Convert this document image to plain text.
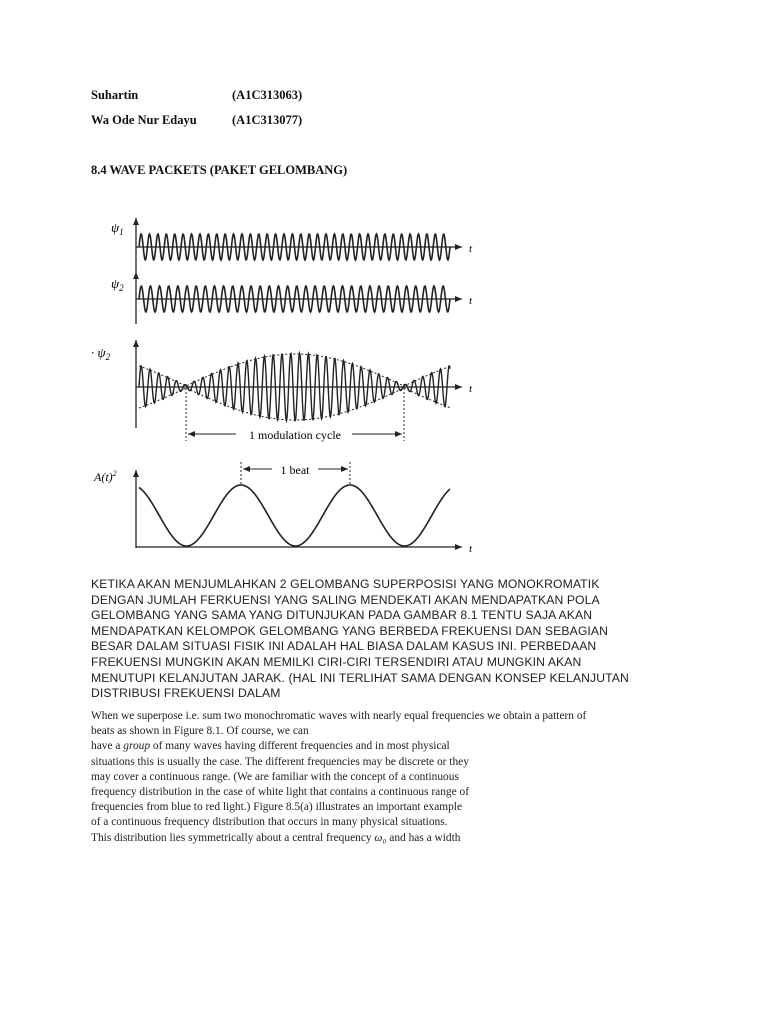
Suhartin	(A1C313063)
Wa Ode Nur Edayu	(A1C313077)
8.4 WAVE PACKETS (PAKET GELOMBANG)
$\psi_1$
t
$\psi_2$
t
· $\psi_2$
t
1 modulation cycle
$A(t)^2$
t
1 beat
KETIKA AKAN MENJUMLAHKAN 2 GELOMBANG SUPERPOSISI YANG MONOKROMATIK
DENGAN JUMLAH FERKUENSI YANG SALING MENDEKATI AKAN MENDAPATKAN POLA
GELOMBANG YANG SAMA YANG DITUNJUKAN PADA GAMBAR 8.1 TENTU SAJA AKAN
MENDAPATKAN KELOMPOK GELOMBANG YANG BERBEDA FREKUENSI DAN SEBAGIAN
BESAR DALAM SITUASI FISIK INI ADALAH HAL BIASA DALAM KASUS INI. PERBEDAAN
FREKUENSI MUNGKIN AKAN MEMILKI CIRI-CIRI TERSENDIRI ATAU MUNGKIN AKAN
MENUTUPI KELANJUTAN JARAK. (HAL INI TERLIHAT SAMA DENGAN KONSEP KELANJUTAN
DISTRIBUSI FREKUENSI DALAM
When we superpose i.e. sum two monochromatic waves with nearly equal frequencies we obtain a pattern of
beats as shown in Figure 8.1. Of course, we can
have a group of many waves having different frequencies and in most physical
situations this is usually the case. The different frequencies may be discrete or they
may cover a continuous range. (We are familiar with the concept of a continuous
frequency distribution in the case of white light that contains a continuous range of
frequencies from blue to red light.) Figure 8.5(a) illustrates an important example
of a continuous frequency distribution that occurs in many physical situations.
This distribution lies symmetrically about a central frequency ω₀ and has a width
